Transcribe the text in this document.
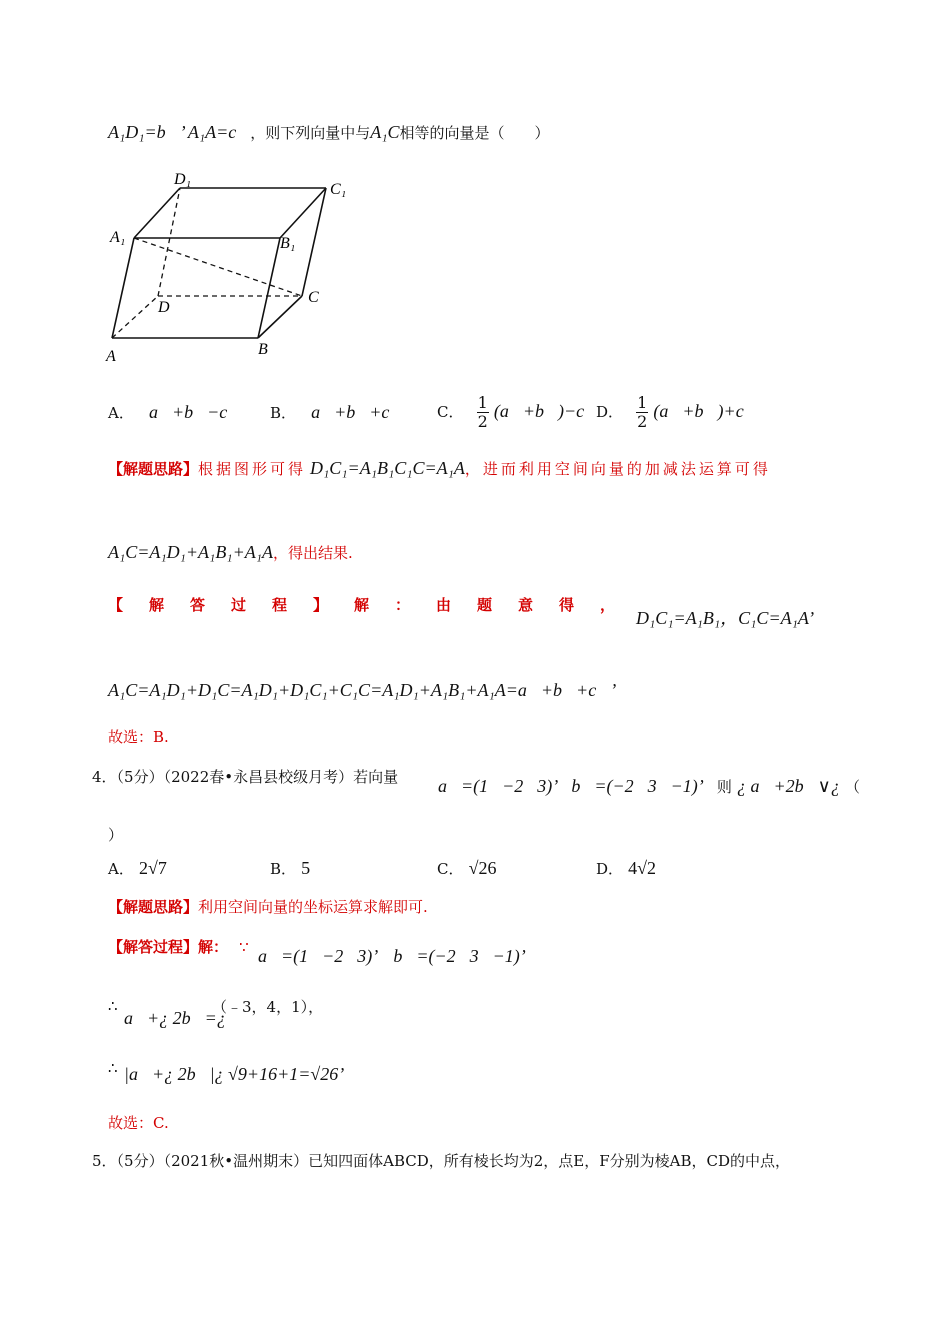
A₁D₁=b⃗’ A₁A=c⃗，则下列向量中与A₁C相等的向量是（　　）
A	B
C
D
A₁	B₁
C₁
D₁
A． a⃗+b⃗−c⃗ B． a⃗+b⃗+c⃗ C． $\frac{1}{2}$ (a⃗+b⃗)−c⃗
D． $\frac{1}{2}$ (a⃗+b⃗)+c⃗
【解题思路】根据图形可得 D₁C₁=A₁B₁C₁C=A₁A，进而利用空间向量的加减法运算可得
A₁C=A₁D₁+A₁B₁+A₁A，得出结果.
【解答过程】解：由题意得，
D₁C₁=A₁B₁，C₁C=A₁A’
A₁C=A₁D₁+D₁C=A₁D₁+D₁C₁+C₁C=A₁D₁+A₁B₁+A₁A=a⃗+b⃗+c⃗’
故选：B.
4．（5分）（2022春•永昌县校级月考）若向量 a⃗=(1，−2，3)’ b⃗=(−2，3，−1)’ 则 ¿ a⃗+2b⃗∨¿ （
）
A． 2√7	B． 5	C． √26	D． 4√2
【解题思路】利用空间向量的坐标运算求解即可.
【解答过程】解： ∵ a⃗=(1，−2，3)’ b⃗=(−2，3，−1)’
∴
a⃗+¿ 2b⃗=¿
（﹣3，4，1），
∴ |a⃗+¿ 2b⃗|¿ √9+16+1=√26’
故选：C.
5．（5分）（2021秋•温州期末）已知四面体ABCD，所有棱长均为2，点E，F分别为棱AB，CD的中点，
